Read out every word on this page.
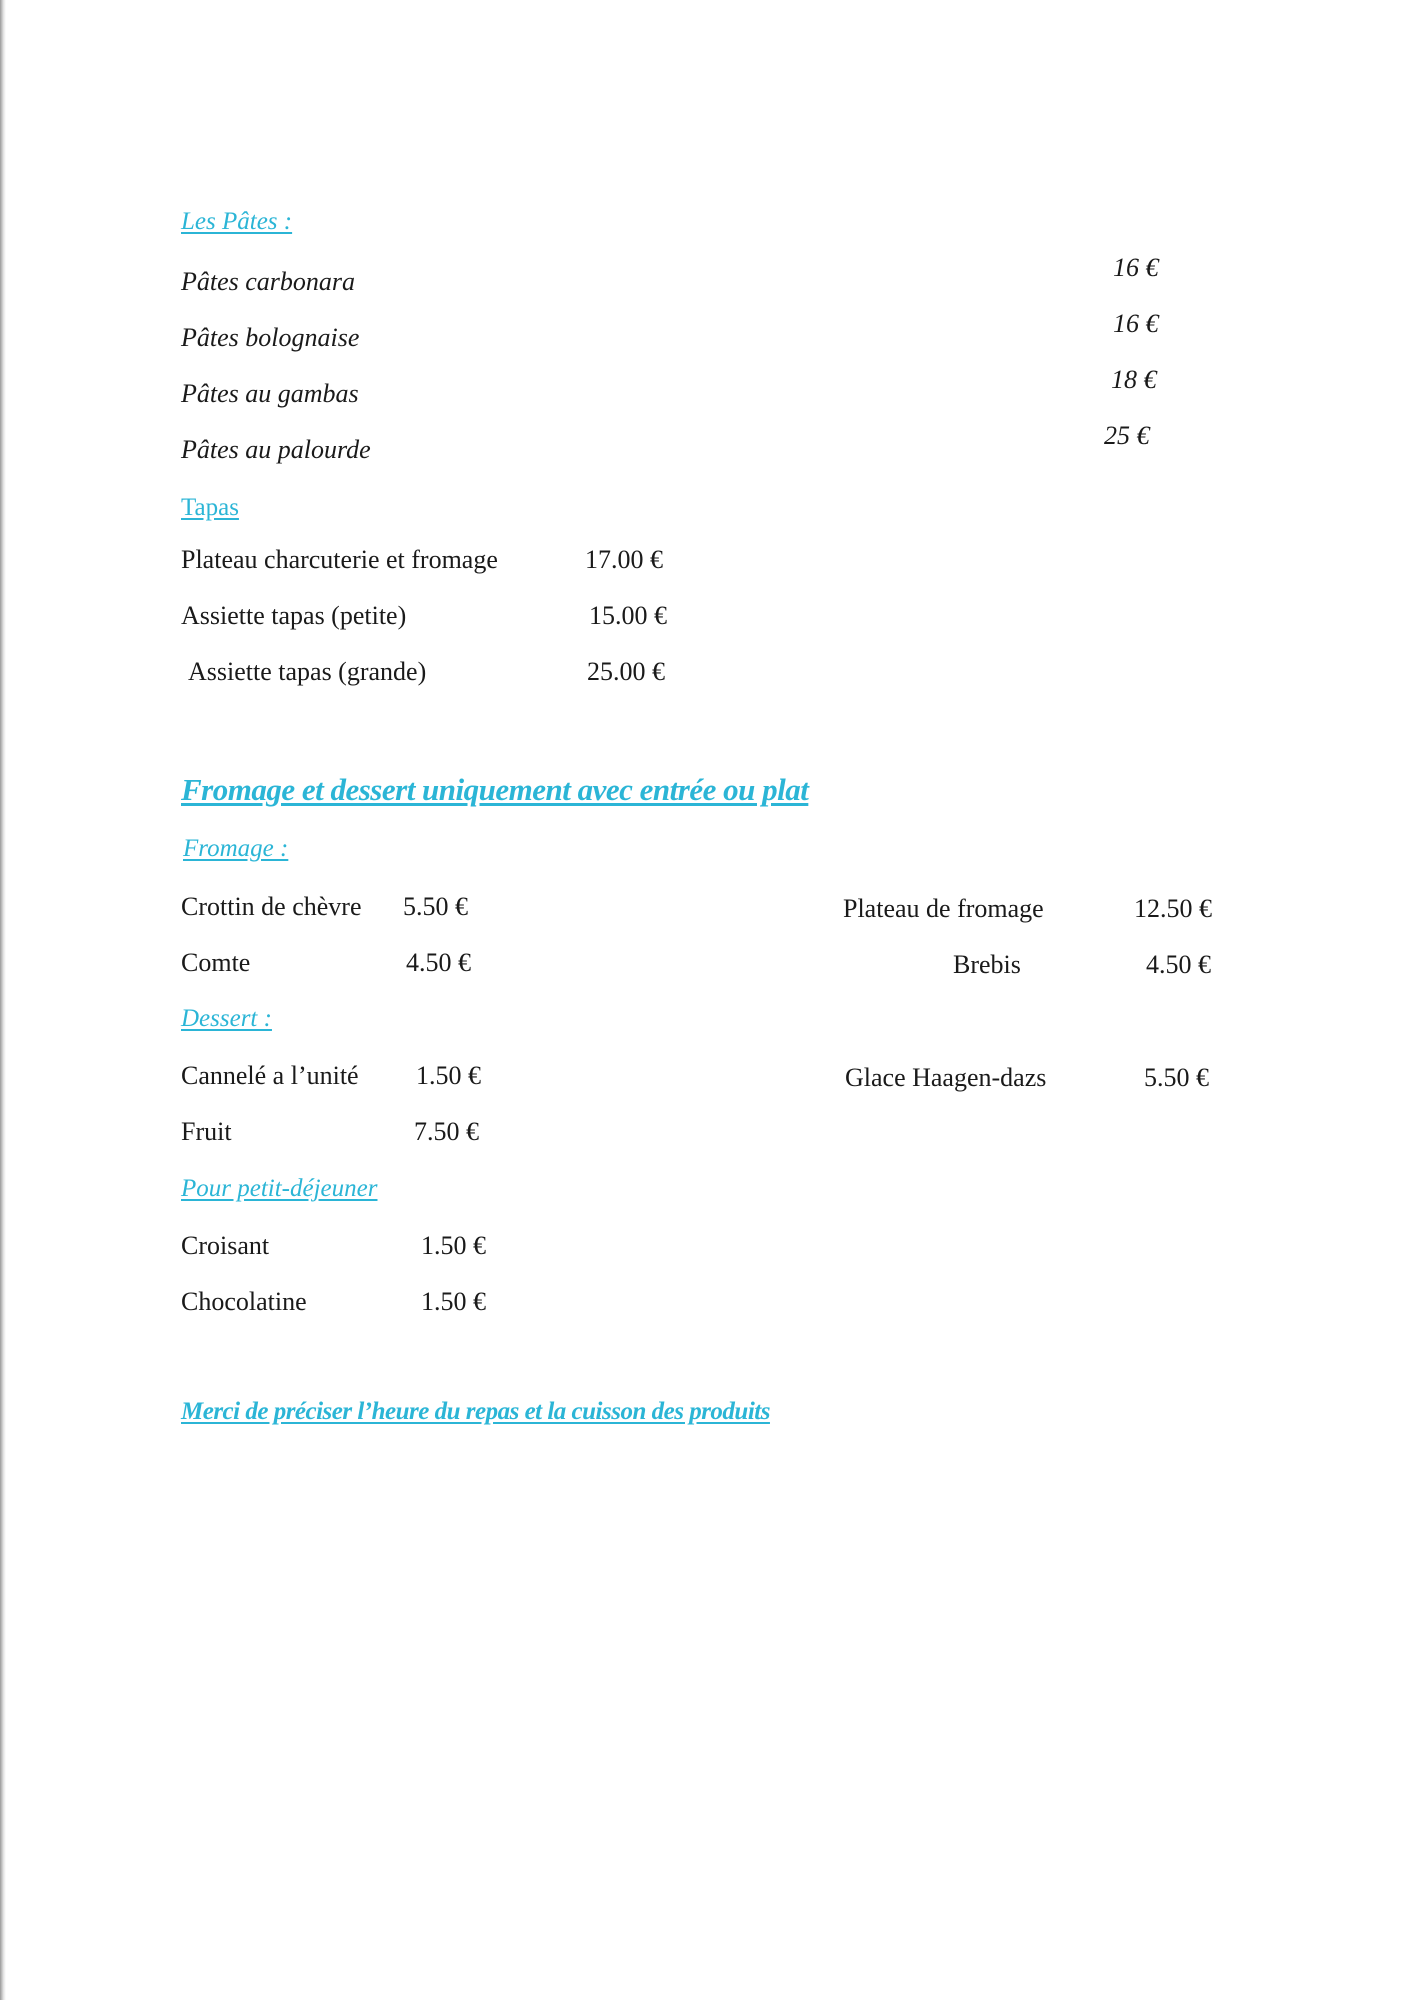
Les Pâtes :
Pâtes carbonara	16 €
Pâtes bolognaise	16 €
Pâtes au gambas	18 €
Pâtes au palourde	25 €
Tapas
Plateau charcuterie et fromage	17.00 €
Assiette tapas (petite)	15.00 €
Assiette tapas (grande)	25.00 €
Fromage et dessert uniquement avec entrée ou plat
Fromage :
Crottin de chèvre 5.50 €	Plateau de fromage	12.50 €
Comte	4.50 €	Brebis	4.50 €
Dessert :
Cannelé a l’unité 1.50 €	Glace Haagen-dazs	5.50 €
Fruit	7.50 €
Pour petit-déjeuner
Croisant	1.50 €
Chocolatine	1.50 €
Merci de préciser l’heure du repas et la cuisson des produits
